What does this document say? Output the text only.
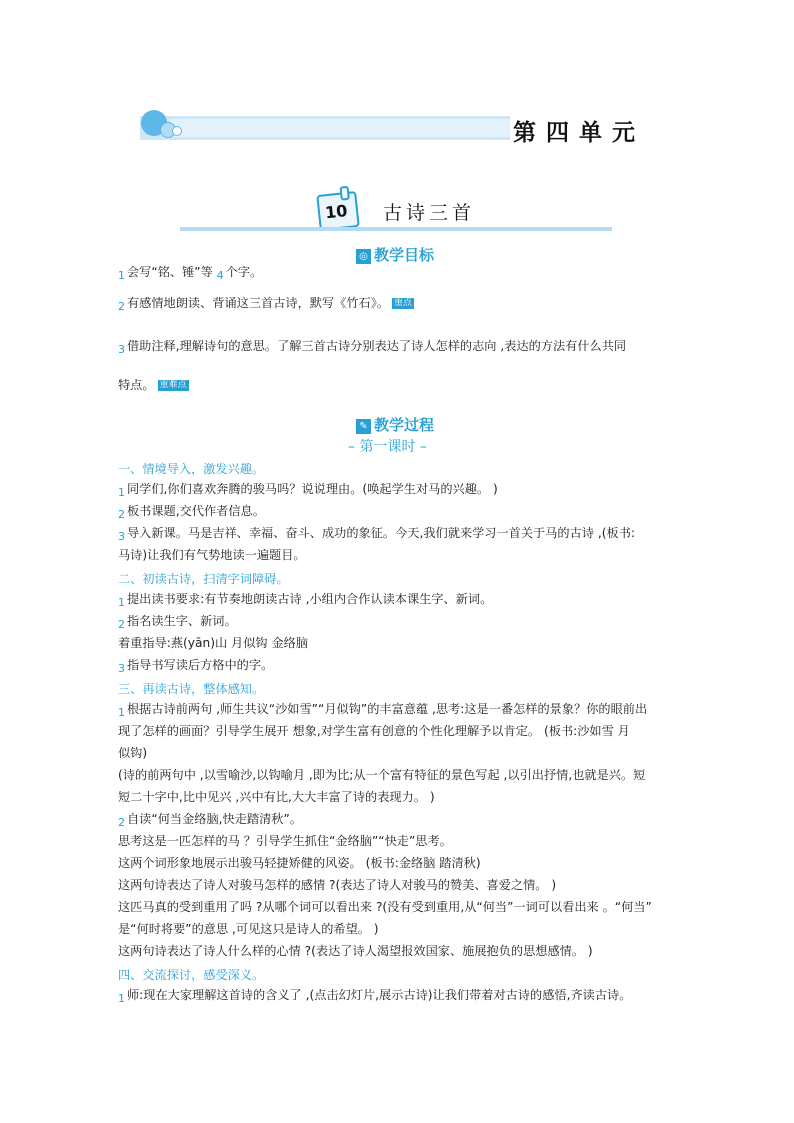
第 四 单 元
10 古诗三首
◎ 教学目标
1 会写“铭、锤”等 4 个字。
2 有感情地朗读、背诵这三首古诗，默写《竹石》。 重点
3 借助注释,理解诗句的意思。了解三首古诗分别表达了诗人怎样的志向 ,表达的方法有什么共同
特点。 重难点
✎ 教学过程
– 第一课时 –
一、情境导入，激发兴趣。
1 同学们,你们喜欢奔腾的骏马吗？说说理由。(唤起学生对马的兴趣。 )
2 板书课题,交代作者信息。
3 导入新课。马是吉祥、幸福、奋斗、成功的象征。今天,我们就来学习一首关于马的古诗 ,(板书:
马诗)让我们有气势地读一遍题目。
二、初读古诗，扫清字词障碍。
1 提出读书要求:有节奏地朗读古诗 ,小组内合作认读本课生字、新词。
2 指名读生字、新词。
着重指导:燕(yān)山 月似钩 金络脑
3 指导书写读后方格中的字。
三、再读古诗，整体感知。
1 根据古诗前两句 ,师生共议“沙如雪”“月似钩”的丰富意蕴 ,思考:这是一番怎样的景象？你的眼前出
现了怎样的画面？引导学生展开 想象,对学生富有创意的个性化理解予以肯定。 (板书:沙如雪 月
似钩)
(诗的前两句中 ,以雪喻沙,以钩喻月 ,即为比;从一个富有特征的景色写起 ,以引出抒情,也就是兴。短
短二十字中,比中见兴 ,兴中有比,大大丰富了诗的表现力。 )
2 自读“何当金络脑,快走踏清秋”。
思考这是一匹怎样的马 ？引导学生抓住“金络脑”“快走”思考。
这两个词形象地展示出骏马轻捷矫健的风姿。 (板书:金络脑 踏清秋)
这两句诗表达了诗人对骏马怎样的感情 ?(表达了诗人对骏马的赞美、喜爱之情。 )
这匹马真的受到重用了吗 ?从哪个词可以看出来 ?(没有受到重用,从“何当”一词可以看出来 。“何当”
是“何时将要”的意思 ,可见这只是诗人的希望。 )
这两句诗表达了诗人什么样的心情 ?(表达了诗人渴望报效国家、施展抱负的思想感情。 )
四、交流探讨，感受深义。
1 师:现在大家理解这首诗的含义了 ,(点击幻灯片,展示古诗)让我们带着对古诗的感悟,齐读古诗。
